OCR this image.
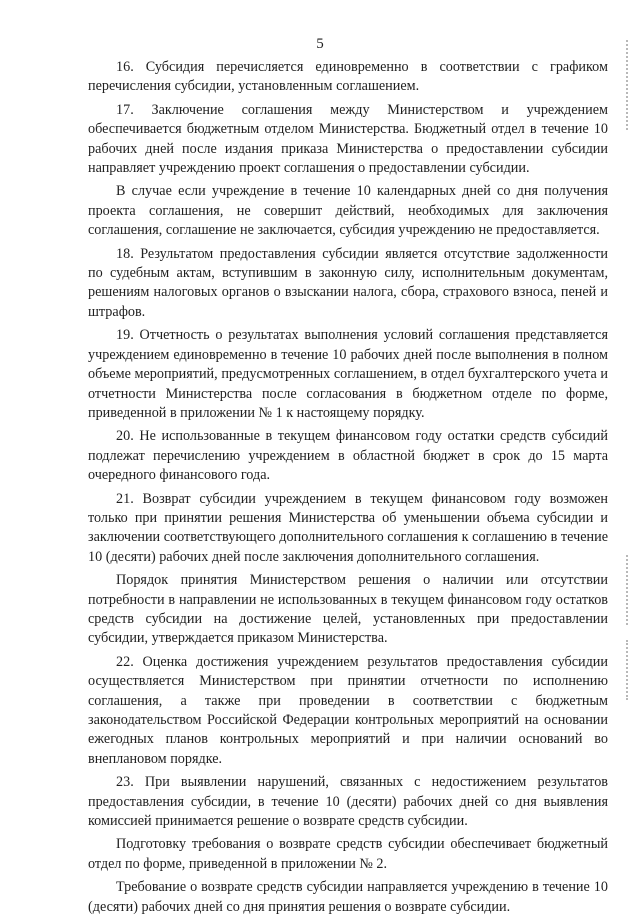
5

16. Субсидия перечисляется единовременно в соответствии с графиком перечисления субсидии, установленным соглашением.

17. Заключение соглашения между Министерством и учреждением обеспечивается бюджетным отделом Министерства. Бюджетный отдел в течение 10 рабочих дней после издания приказа Министерства о предоставлении субсидии направляет учреждению проект соглашения о предоставлении субсидии.

В случае если учреждение в течение 10 календарных дней со дня получения проекта соглашения, не совершит действий, необходимых для заключения соглашения, соглашение не заключается, субсидия учреждению не предоставляется.

18. Результатом предоставления субсидии является отсутствие задолженности по судебным актам, вступившим в законную силу, исполнительным документам, решениям налоговых органов о взыскании налога, сбора, страхового взноса, пеней и штрафов.

19. Отчетность о результатах выполнения условий соглашения представляется учреждением единовременно в течение 10 рабочих дней после выполнения в полном объеме мероприятий, предусмотренных соглашением, в отдел бухгалтерского учета и отчетности Министерства после согласования в бюджетном отделе по форме, приведенной в приложении № 1 к настоящему порядку.

20. Не использованные в текущем финансовом году остатки средств субсидий подлежат перечислению учреждением в областной бюджет в срок до 15 марта очередного финансового года.

21. Возврат субсидии учреждением в текущем финансовом году возможен только при принятии решения Министерства об уменьшении объема субсидии и заключении соответствующего дополнительного соглашения к соглашению в течение 10 (десяти) рабочих дней после заключения дополнительного соглашения.

Порядок принятия Министерством решения о наличии или отсутствии потребности в направлении не использованных в текущем финансовом году остатков средств субсидии на достижение целей, установленных при предоставлении субсидии, утверждается приказом Министерства.

22. Оценка достижения учреждением результатов предоставления субсидии осуществляется Министерством при принятии отчетности по исполнению соглашения, а также при проведении в соответствии с бюджетным законодательством Российской Федерации контрольных мероприятий на основании ежегодных планов контрольных мероприятий и при наличии оснований во внеплановом порядке.

23. При выявлении нарушений, связанных с недостижением результатов предоставления субсидии, в течение 10 (десяти) рабочих дней со дня выявления комиссией принимается решение о возврате средств субсидии.

Подготовку требования о возврате средств субсидии обеспечивает бюджетный отдел по форме, приведенной в приложении № 2.

Требование о возврате средств субсидии направляется учреждению в течение 10 (десяти) рабочих дней со дня принятия решения о возврате субсидии.
